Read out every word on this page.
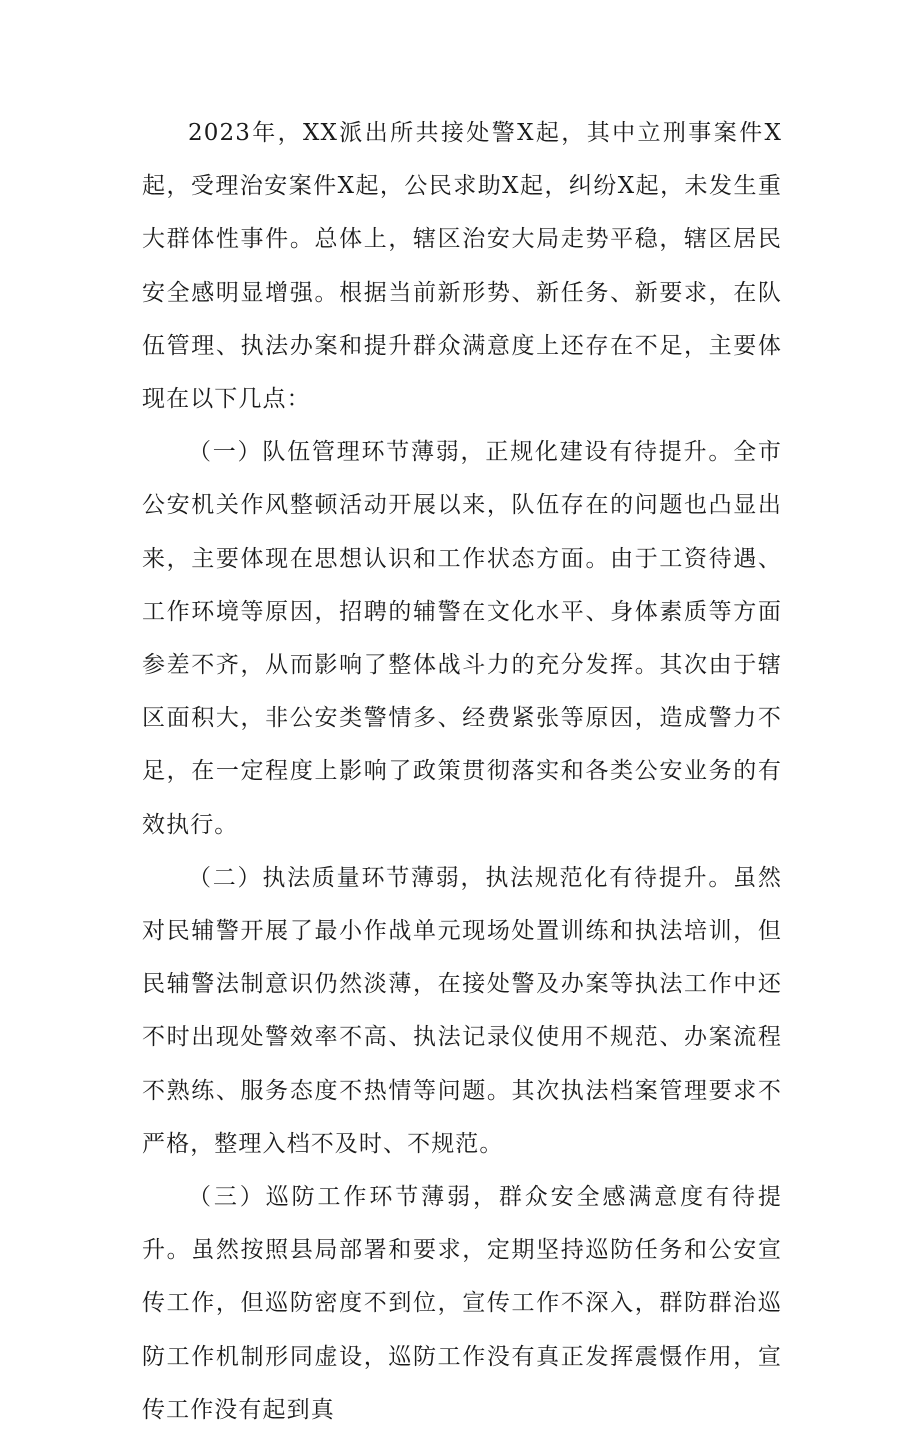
2023年，XX派出所共接处警X起，其中立刑事案件X起，受理治安案件X起，公民求助X起，纠纷X起，未发生重大群体性事件。总体上，辖区治安大局走势平稳，辖区居民安全感明显增强。根据当前新形势、新任务、新要求，在队伍管理、执法办案和提升群众满意度上还存在不足，主要体现在以下几点：

（一）队伍管理环节薄弱，正规化建设有待提升。全市公安机关作风整顿活动开展以来，队伍存在的问题也凸显出来，主要体现在思想认识和工作状态方面。由于工资待遇、工作环境等原因，招聘的辅警在文化水平、身体素质等方面参差不齐，从而影响了整体战斗力的充分发挥。其次由于辖区面积大，非公安类警情多、经费紧张等原因，造成警力不足，在一定程度上影响了政策贯彻落实和各类公安业务的有效执行。

（二）执法质量环节薄弱，执法规范化有待提升。虽然对民辅警开展了最小作战单元现场处置训练和执法培训，但民辅警法制意识仍然淡薄，在接处警及办案等执法工作中还不时出现处警效率不高、执法记录仪使用不规范、办案流程不熟练、服务态度不热情等问题。其次执法档案管理要求不严格，整理入档不及时、不规范。

（三）巡防工作环节薄弱，群众安全感满意度有待提升。虽然按照县局部署和要求，定期坚持巡防任务和公安宣传工作，但巡防密度不到位，宣传工作不深入，群防群治巡防工作机制形同虚设，巡防工作没有真正发挥震慑作用，宣传工作没有起到真
